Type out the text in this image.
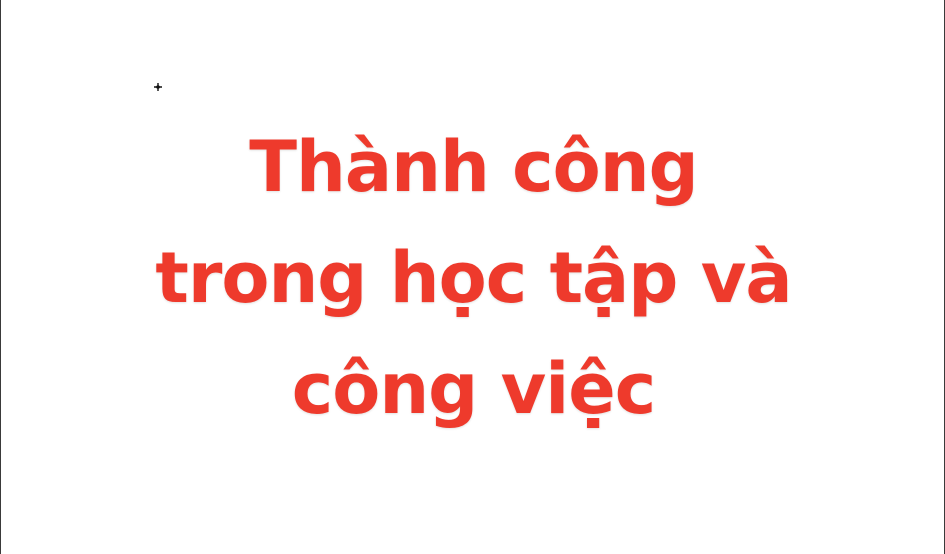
Thành công
trong học tập và
công việc
